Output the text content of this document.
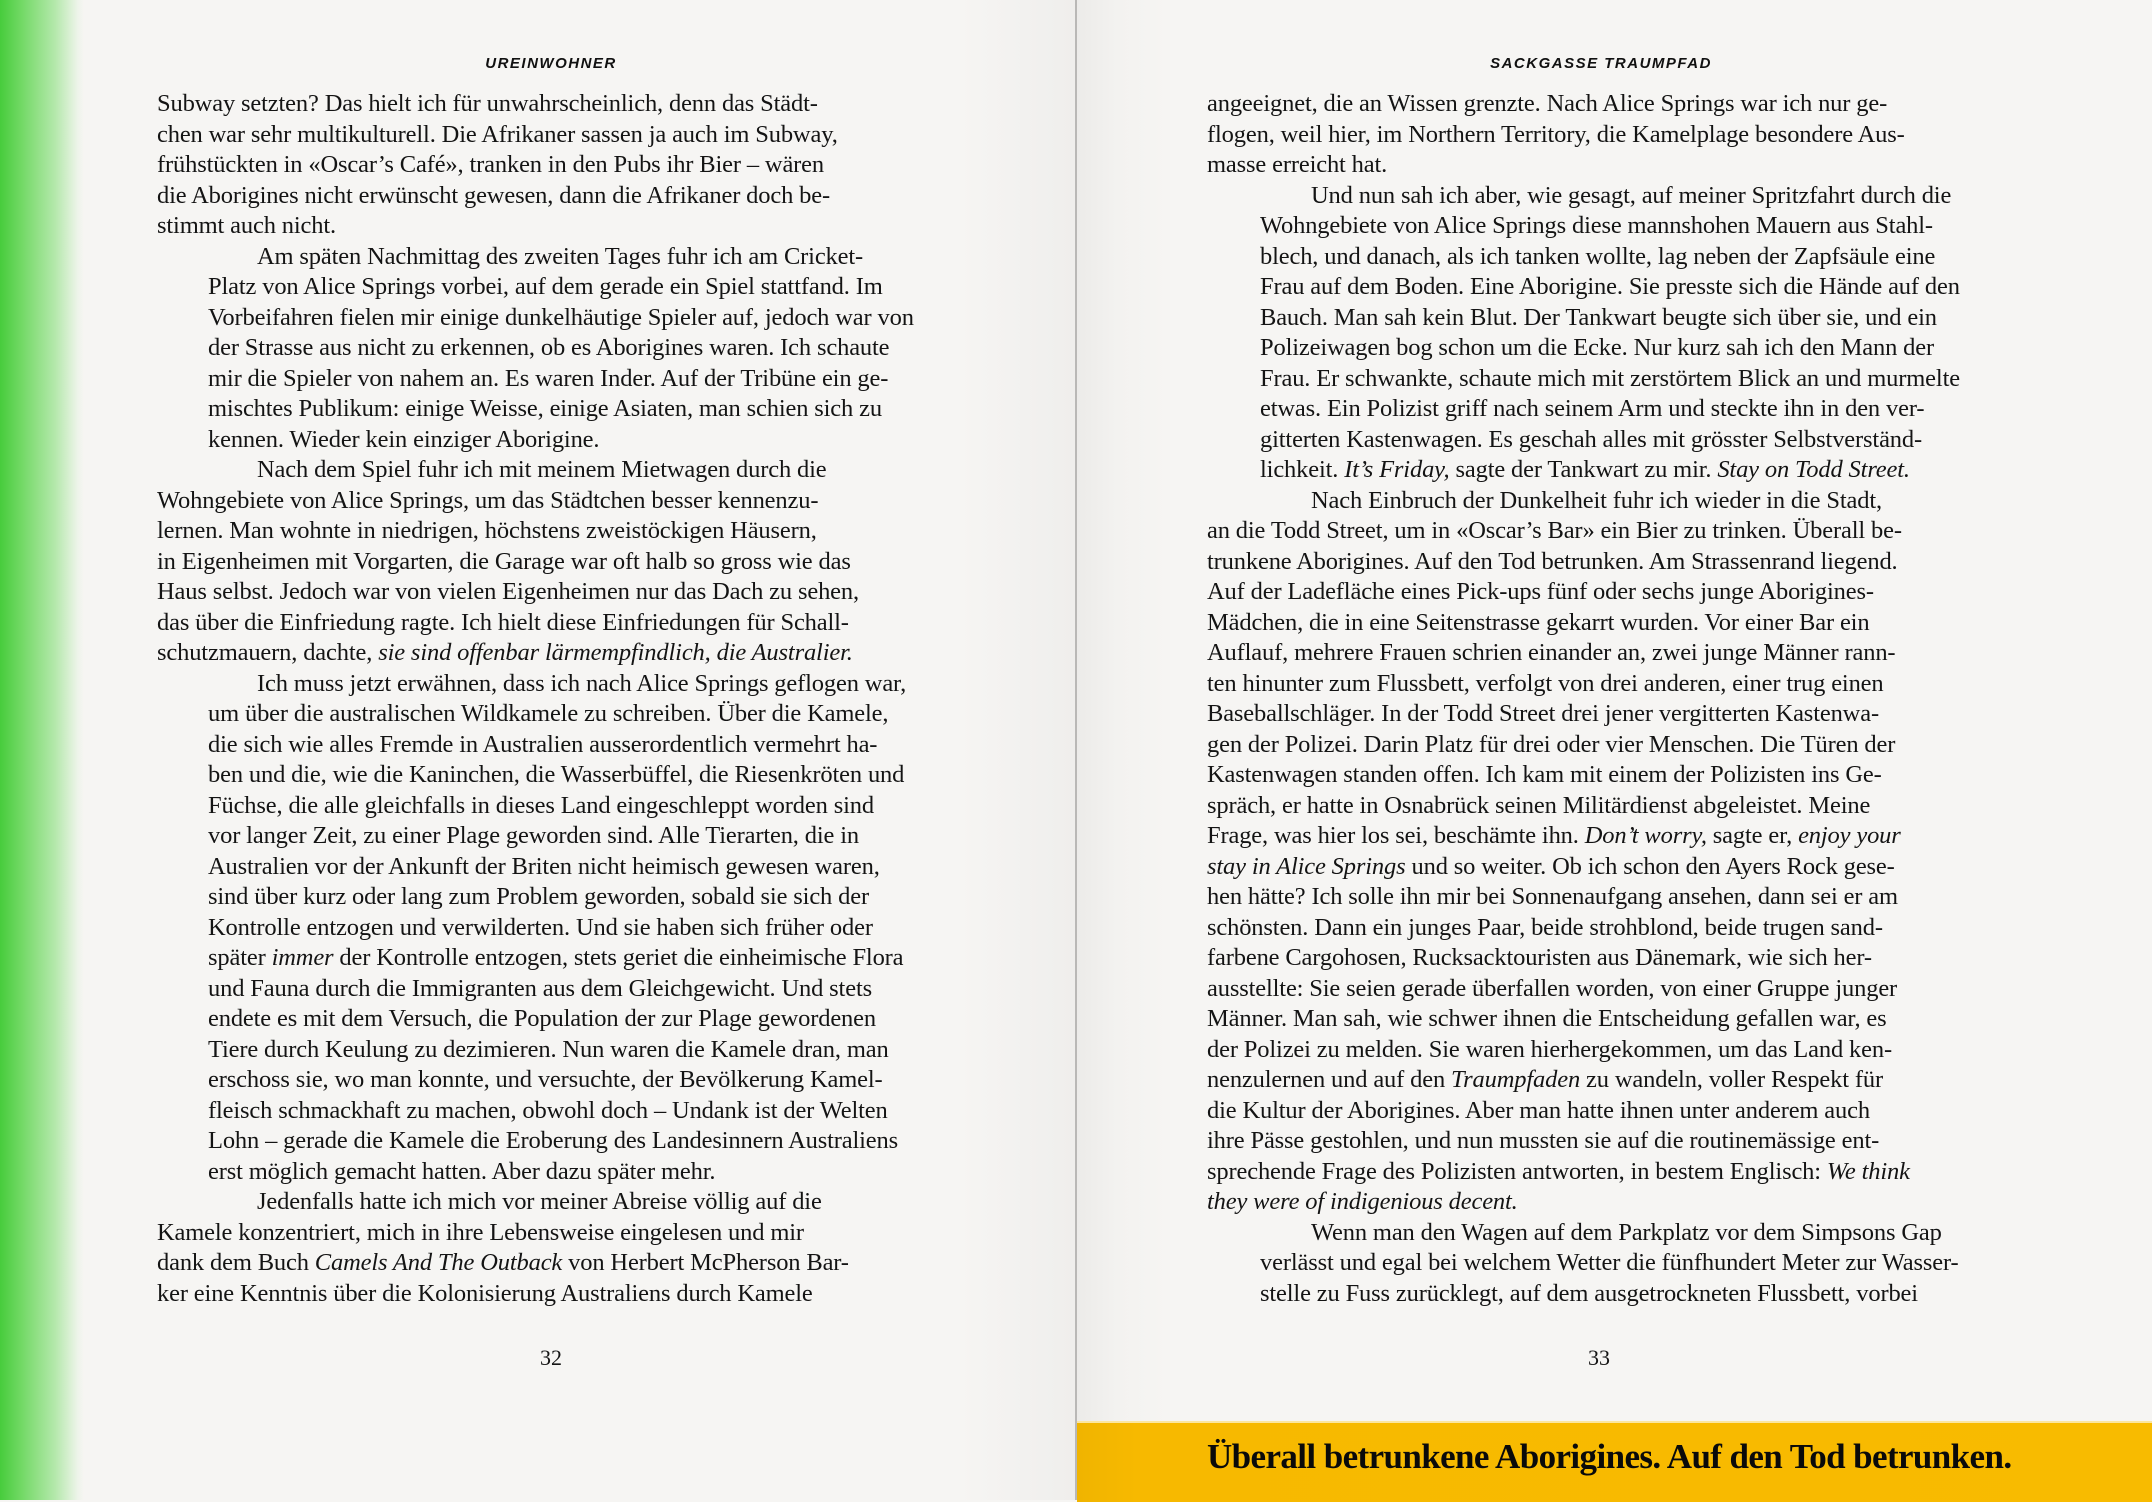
UREINWOHNER
Subway setzten? Das hielt ich für unwahrscheinlich, denn das Städt-
chen war sehr multikulturell. Die Afrikaner sassen ja auch im Subway,
frühstückten in «Oscar’s Café», tranken in den Pubs ihr Bier – wären
die Aborigines nicht erwünscht gewesen, dann die Afrikaner doch be-
stimmt auch nicht.
Am späten Nachmittag des zweiten Tages fuhr ich am Cricket-
Platz von Alice Springs vorbei, auf dem gerade ein Spiel stattfand. Im
Vorbeifahren fielen mir einige dunkelhäutige Spieler auf, jedoch war von
der Strasse aus nicht zu erkennen, ob es Aborigines waren. Ich schaute
mir die Spieler von nahem an. Es waren Inder. Auf der Tribüne ein ge-
mischtes Publikum: einige Weisse, einige Asiaten, man schien sich zu
kennen. Wieder kein einziger Aborigine.
Nach dem Spiel fuhr ich mit meinem Mietwagen durch die
Wohngebiete von Alice Springs, um das Städtchen besser kennenzu-
lernen. Man wohnte in niedrigen, höchstens zweistöckigen Häusern,
in Eigenheimen mit Vorgarten, die Garage war oft halb so gross wie das
Haus selbst. Jedoch war von vielen Eigenheimen nur das Dach zu sehen,
das über die Einfriedung ragte. Ich hielt diese Einfriedungen für Schall-
schutzmauern, dachte, sie sind offenbar lärmempfindlich, die Australier.
Ich muss jetzt erwähnen, dass ich nach Alice Springs geflogen war,
um über die australischen Wildkamele zu schreiben. Über die Kamele,
die sich wie alles Fremde in Australien ausserordentlich vermehrt ha-
ben und die, wie die Kaninchen, die Wasserbüffel, die Riesenkröten und
Füchse, die alle gleichfalls in dieses Land eingeschleppt worden sind
vor langer Zeit, zu einer Plage geworden sind. Alle Tierarten, die in
Australien vor der Ankunft der Briten nicht heimisch gewesen waren,
sind über kurz oder lang zum Problem geworden, sobald sie sich der
Kontrolle entzogen und verwilderten. Und sie haben sich früher oder
später immer der Kontrolle entzogen, stets geriet die einheimische Flora
und Fauna durch die Immigranten aus dem Gleichgewicht. Und stets
endete es mit dem Versuch, die Population der zur Plage gewordenen
Tiere durch Keulung zu dezimieren. Nun waren die Kamele dran, man
erschoss sie, wo man konnte, und versuchte, der Bevölkerung Kamel-
fleisch schmackhaft zu machen, obwohl doch – Undank ist der Welten
Lohn – gerade die Kamele die Eroberung des Landesinnern Australiens
erst möglich gemacht hatten. Aber dazu später mehr.
Jedenfalls hatte ich mich vor meiner Abreise völlig auf die
Kamele konzentriert, mich in ihre Lebensweise eingelesen und mir
dank dem Buch Camels And The Outback von Herbert McPherson Bar-
ker eine Kenntnis über die Kolonisierung Australiens durch Kamele
32
SACKGASSE TRAUMPFAD
angeeignet, die an Wissen grenzte. Nach Alice Springs war ich nur ge-
flogen, weil hier, im Northern Territory, die Kamelplage besondere Aus-
masse erreicht hat.
Und nun sah ich aber, wie gesagt, auf meiner Spritzfahrt durch die
Wohngebiete von Alice Springs diese mannshohen Mauern aus Stahl-
blech, und danach, als ich tanken wollte, lag neben der Zapfsäule eine
Frau auf dem Boden. Eine Aborigine. Sie presste sich die Hände auf den
Bauch. Man sah kein Blut. Der Tankwart beugte sich über sie, und ein
Polizeiwagen bog schon um die Ecke. Nur kurz sah ich den Mann der
Frau. Er schwankte, schaute mich mit zerstörtem Blick an und murmelte
etwas. Ein Polizist griff nach seinem Arm und steckte ihn in den ver-
gitterten Kastenwagen. Es geschah alles mit grösster Selbstverständ-
lichkeit. It’s Friday, sagte der Tankwart zu mir. Stay on Todd Street.
Nach Einbruch der Dunkelheit fuhr ich wieder in die Stadt,
an die Todd Street, um in «Oscar’s Bar» ein Bier zu trinken. Überall be-
trunkene Aborigines. Auf den Tod betrunken. Am Strassenrand liegend.
Auf der Ladefläche eines Pick-ups fünf oder sechs junge Aborigines-
Mädchen, die in eine Seitenstrasse gekarrt wurden. Vor einer Bar ein
Auflauf, mehrere Frauen schrien einander an, zwei junge Männer rann-
ten hinunter zum Flussbett, verfolgt von drei anderen, einer trug einen
Baseballschläger. In der Todd Street drei jener vergitterten Kastenwa-
gen der Polizei. Darin Platz für drei oder vier Menschen. Die Türen der
Kastenwagen standen offen. Ich kam mit einem der Polizisten ins Ge-
spräch, er hatte in Osnabrück seinen Militärdienst abgeleistet. Meine
Frage, was hier los sei, beschämte ihn. Don’t worry, sagte er, enjoy your
stay in Alice Springs und so weiter. Ob ich schon den Ayers Rock gese-
hen hätte? Ich solle ihn mir bei Sonnenaufgang ansehen, dann sei er am
schönsten. Dann ein junges Paar, beide strohblond, beide trugen sand-
farbene Cargohosen, Rucksacktouristen aus Dänemark, wie sich her-
ausstellte: Sie seien gerade überfallen worden, von einer Gruppe junger
Männer. Man sah, wie schwer ihnen die Entscheidung gefallen war, es
der Polizei zu melden. Sie waren hierhergekommen, um das Land ken-
nenzulernen und auf den Traumpfaden zu wandeln, voller Respekt für
die Kultur der Aborigines. Aber man hatte ihnen unter anderem auch
ihre Pässe gestohlen, und nun mussten sie auf die routinemässige ent-
sprechende Frage des Polizisten antworten, in bestem Englisch: We think
they were of indigenious decent.
Wenn man den Wagen auf dem Parkplatz vor dem Simpsons Gap
verlässt und egal bei welchem Wetter die fünfhundert Meter zur Wasser-
stelle zu Fuss zurücklegt, auf dem ausgetrockneten Flussbett, vorbei
33
Überall betrunkene Aborigines. Auf den Tod betrunken.
